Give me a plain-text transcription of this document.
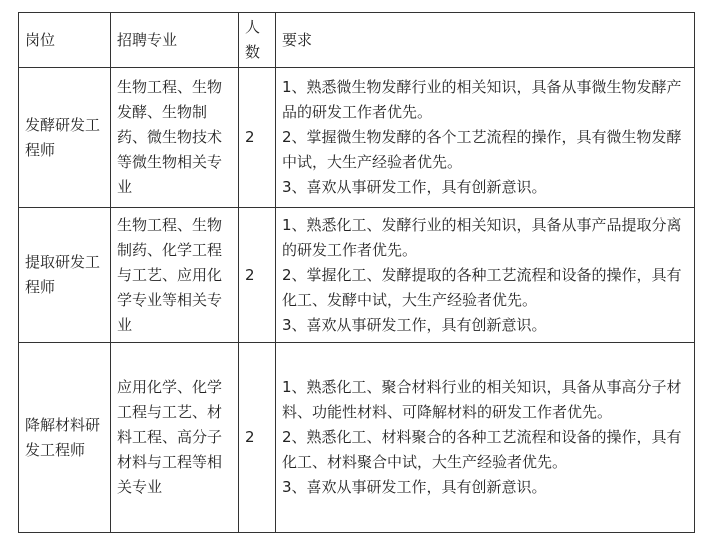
岗位	招聘专业	人数	要求
发酵研发工程师	生物工程、生物发酵、生物制药、微生物技术等微生物相关专业	2	1、熟悉微生物发酵行业的相关知识，具备从事微生物发酵产品的研发工作者优先。
2、掌握微生物发酵的各个工艺流程的操作，具有微生物发酵中试，大生产经验者优先。
3、喜欢从事研发工作，具有创新意识。

提取研发工程师	生物工程、生物制药、化学工程与工艺、应用化学专业等相关专业	2	1、熟悉化工、发酵行业的相关知识，具备从事产品提取分离的研发工作者优先。
2、掌握化工、发酵提取的各种工艺流程和设备的操作，具有化工、发酵中试，大生产经验者优先。
3、喜欢从事研发工作，具有创新意识。

降解材料研发工程师	应用化学、化学工程与工艺、材料工程、高分子材料与工程等相关专业	2	1、熟悉化工、聚合材料行业的相关知识，具备从事高分子材料、功能性材料、可降解材料的研发工作者优先。
2、熟悉化工、材料聚合的各种工艺流程和设备的操作，具有化工、材料聚合中试，大生产经验者优先。
3、喜欢从事研发工作，具有创新意识。
